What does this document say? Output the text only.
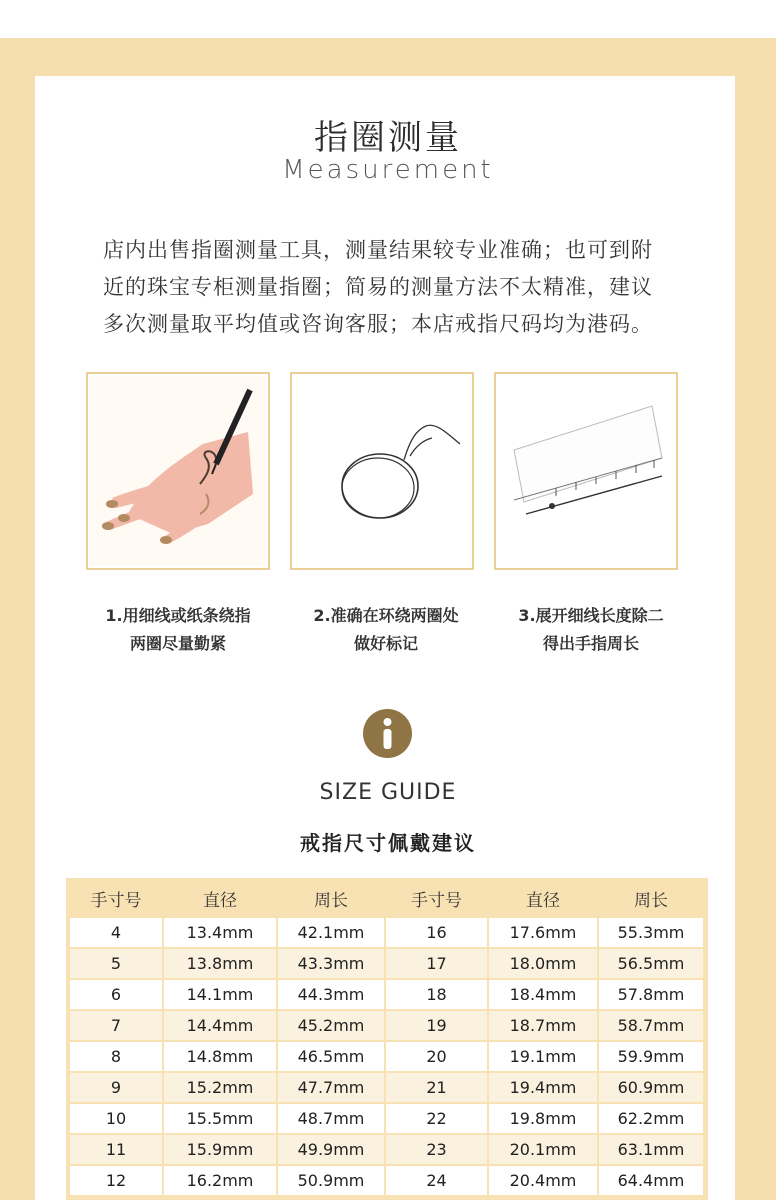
指圈测量
Measurement

店内出售指圈测量工具，测量结果较专业准确；也可到附

近的珠宝专柜测量指圈；简易的测量方法不太精准，建议

多次测量取平均值或咨询客服；本店戒指尺码均为港码。

1.用细线或纸条绕指

两圈尽量勤紧

2.准确在环绕两圈处

做好标记

3.展开细线长度除二

得出手指周长

SIZE GUIDE
戒指尺寸佩戴建议
手寸号	直径	周长	手寸号	直径	周长
4	13.4mm	42.1mm	16	17.6mm	55.3mm
5	13.8mm	43.3mm	17	18.0mm	56.5mm
6	14.1mm	44.3mm	18	18.4mm	57.8mm
7	14.4mm	45.2mm	19	18.7mm	58.7mm
8	14.8mm	46.5mm	20	19.1mm	59.9mm
9	15.2mm	47.7mm	21	19.4mm	60.9mm
10	15.5mm	48.7mm	22	19.8mm	62.2mm
11	15.9mm	49.9mm	23	20.1mm	63.1mm
12	16.2mm	50.9mm	24	20.4mm	64.4mm
